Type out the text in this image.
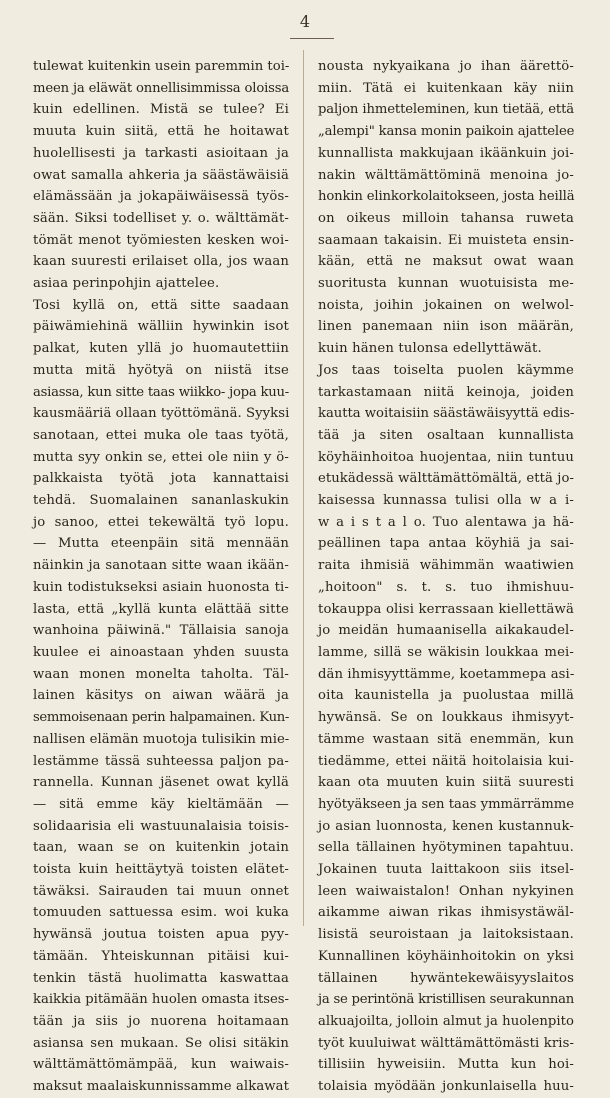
4
tulewat kuitenkin usein paremmin toi-
meen ja eläwät onnellisimmissa oloissa
kuin edellinen. Mistä se tulee? Ei
muuta kuin siitä, että he hoitawat
huolellisesti ja tarkasti asioitaan ja
owat samalla ahkeria ja säästäwäisiä
elämässään ja jokapäiwäisessä työs-
sään. Siksi todelliset y. o. wälttämät-
tömät menot työmiesten kesken woi-
kaan suuresti erilaiset olla, jos waan
asiaa perinpohjin ajattelee.
Tosi kyllä on, että sitte saadaan
päiwämiehinä wälliin hywinkin isot
palkat, kuten yllä jo huomautettiin
mutta mitä hyötyä on niistä itse
asiassa, kun sitte taas wiikko- jopa kuu-
kausmääriä ollaan työttömänä. Syyksi
sanotaan, ettei muka ole taas työtä,
mutta syy onkin se, ettei ole niin y ö-
palkkaista työtä jota kannattaisi
tehdä. Suomalainen sananlaskukin
jo sanoo, ettei tekewältä työ lopu.
— Mutta eteenpäin sitä mennään
näinkin ja sanotaan sitte waan ikään-
kuin todistukseksi asiain huonosta ti-
lasta, että „kyllä kunta elättää sitte
wanhoina päiwinä." Tällaisia sanoja
kuulee ei ainoastaan yhden suusta
waan monen monelta taholta. Täl-
lainen käsitys on aiwan wäärä ja
semmoisenaan perin halpamainen. Kun-
nallisen elämän muotoja tulisikin mie-
lestämme tässä suhteessa paljon pa-
rannella. Kunnan jäsenet owat kyllä
— sitä emme käy kieltämään —
solidaarisia eli wastuunalaisia toisis-
taan, waan se on kuitenkin jotain
toista kuin heittäytyä toisten elätet-
täwäksi. Sairauden tai muun onnet
tomuuden sattuessa esim. woi kuka
hywänsä joutua toisten apua pyy-
tämään. Yhteiskunnan pitäisi kui-
tenkin tästä huolimatta kaswattaa
kaikkia pitämään huolen omasta itses-
tään ja siis jo nuorena hoitamaan
asiansa sen mukaan. Se olisi sitäkin
wälttämättömämpää, kun waiwais-
maksut maalaiskunnissamme alkawat
nousta nykyaikana jo ihan äärettö-
miin. Tätä ei kuitenkaan käy niin
paljon ihmetteleminen, kun tietää, että
„alempi" kansa monin paikoin ajattelee
kunnallista makkujaan ikäänkuin joi-
nakin wälttämättöminä menoina jo-
honkin elinkorkolaitokseen, josta heillä
on oikeus milloin tahansa ruweta
saamaan takaisin. Ei muisteta ensin-
kään, että ne maksut owat waan
suoritusta kunnan wuotuisista me-
noista, joihin jokainen on welwol-
linen panemaan niin ison määrän,
kuin hänen tulonsa edellyttäwät.
Jos taas toiselta puolen käymme
tarkastamaan niitä keinoja, joiden
kautta woitaisiin säästäwäisyyttä edis-
tää ja siten osaltaan kunnallista
köyhäinhoitoa huojentaa, niin tuntuu
etukädessä wälttämättömältä, että jo-
kaisessa kunnassa tulisi olla w a i-
w a i s t a l o. Tuo alentawa ja hä-
peällinen tapa antaa köyhiä ja sai-
raita ihmisiä wähimmän waatiwien
„hoitoon" s. t. s. tuo ihmishuu-
tokauppa olisi kerrassaan kiellettäwä
jo meidän humaanisella aikakaudel-
lamme, sillä se wäkisin loukkaa mei-
dän ihmisyyttämme, koetammepa asi-
oita kaunistella ja puolustaa millä
hywänsä. Se on loukkaus ihmisyyt-
tämme wastaan sitä enemmän, kun
tiedämme, ettei näitä hoitolaisia kui-
kaan ota muuten kuin siitä suuresti
hyötyäkseen ja sen taas ymmärrämme
jo asian luonnosta, kenen kustannuk-
sella tällainen hyötyminen tapahtuu.
Jokainen tuuta laittakoon siis itsel-
leen waiwaistalon! Onhan nykyinen
aikamme aiwan rikas ihmisystäwäl-
lisistä seuroistaan ja laitoksistaan.
Kunnallinen köyhäinhoitokin on yksi
tällainen hywäntekewäisyyslaitos
ja se perintönä kristillisen seurakunnan
alkuajoilta, jolloin almut ja huolenpito
työt kuuluiwat wälttämättömästi kris-
tillisiin hyweisiin. Mutta kun hoi-
tolaisia myödään jonkunlaisella huu-
